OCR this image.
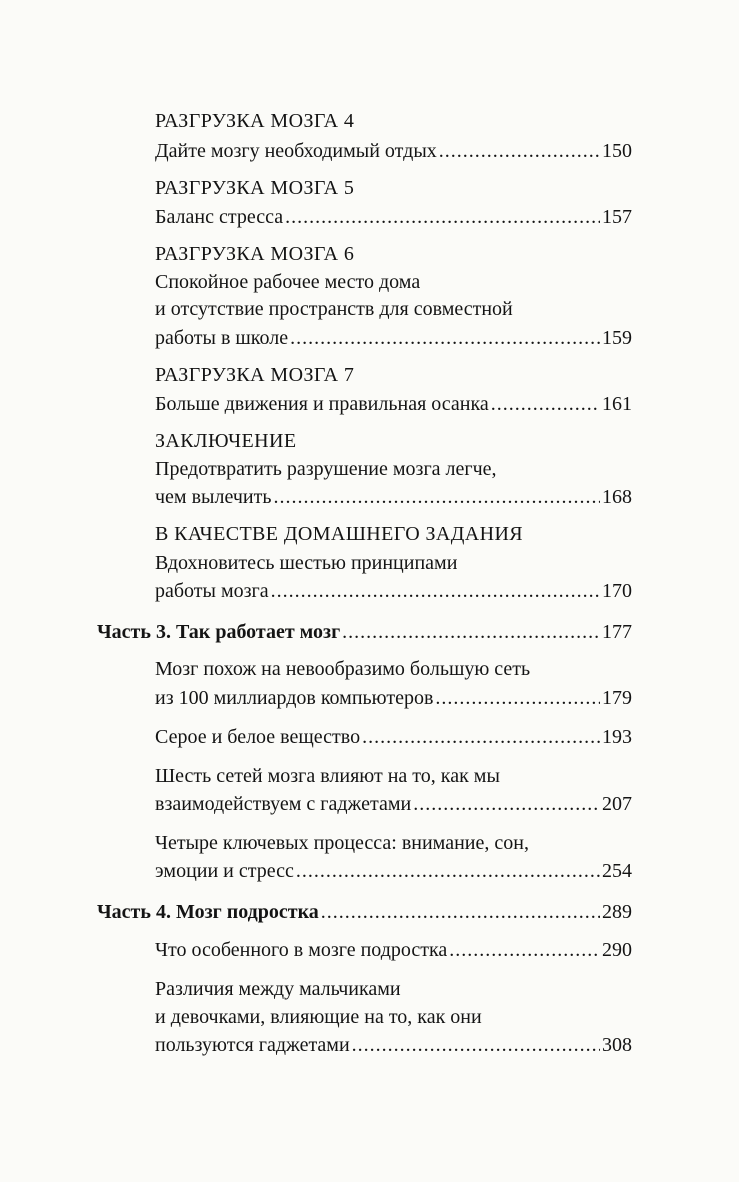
РАЗГРУЗКА МОЗГА 4
Дайте мозгу необходимый отдых .....	150
РАЗГРУЗКА МОЗГА 5
Баланс стресса .....	157
РАЗГРУЗКА МОЗГА 6
Спокойное рабочее место дома
и отсутствие пространств для совместной
работы в школе .....	159
РАЗГРУЗКА МОЗГА 7
Больше движения и правильная осанка .....	161
ЗАКЛЮЧЕНИЕ
Предотвратить разрушение мозга легче,
чем вылечить .....	168
В КАЧЕСТВЕ ДОМАШНЕГО ЗАДАНИЯ
Вдохновитесь шестью принципами
работы мозга .....	170
Часть 3. Так работает мозг .....	177
Мозг похож на невообразимо большую сеть
из 100 миллиардов компьютеров .....	179
Серое и белое вещество .....	193
Шесть сетей мозга влияют на то, как мы
взаимодействуем с гаджетами .....	207
Четыре ключевых процесса: внимание, сон,
эмоции и стресс .....	254
Часть 4. Мозг подростка .....	289
Что особенного в мозге подростка .....	290
Различия между мальчиками
и девочками, влияющие на то, как они
пользуются гаджетами .....	308
